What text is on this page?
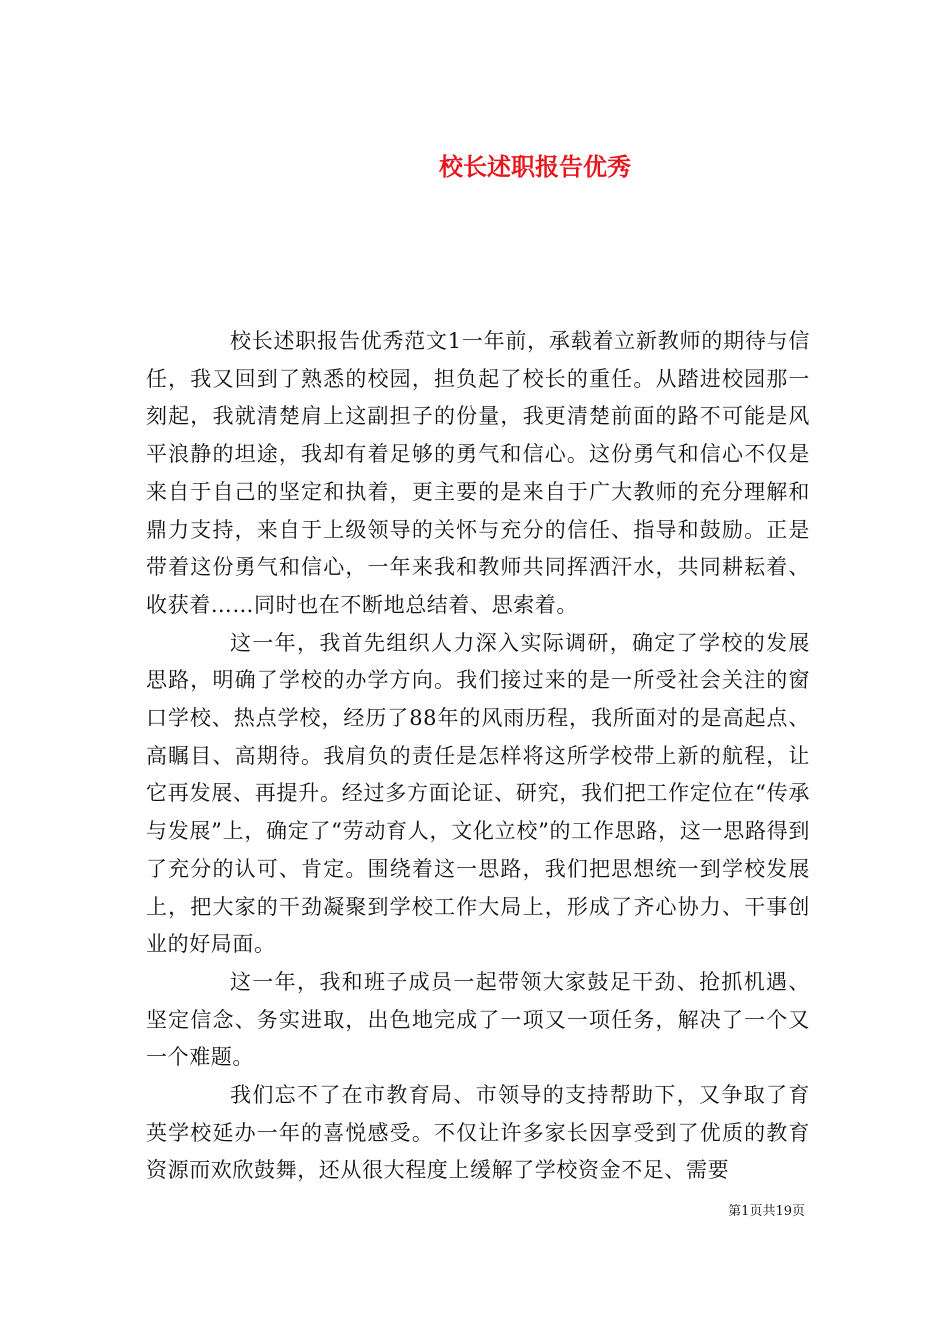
校长述职报告优秀

校长述职报告优秀范文1一年前，承载着立新教师的期待与信任，我又回到了熟悉的校园，担负起了校长的重任。从踏进校园那一刻起，我就清楚肩上这副担子的份量，我更清楚前面的路不可能是风平浪静的坦途，我却有着足够的勇气和信心。这份勇气和信心不仅是来自于自己的坚定和执着，更主要的是来自于广大教师的充分理解和鼎力支持，来自于上级领导的关怀与充分的信任、指导和鼓励。正是带着这份勇气和信心，一年来我和教师共同挥洒汗水，共同耕耘着、收获着……同时也在不断地总结着、思索着。

这一年，我首先组织人力深入实际调研，确定了学校的发展思路，明确了学校的办学方向。我们接过来的是一所受社会关注的窗口学校、热点学校，经历了88年的风雨历程，我所面对的是高起点、高瞩目、高期待。我肩负的责任是怎样将这所学校带上新的航程，让它再发展、再提升。经过多方面论证、研究，我们把工作定位在“传承与发展”上，确定了“劳动育人，文化立校”的工作思路，这一思路得到了充分的认可、肯定。围绕着这一思路，我们把思想统一到学校发展上，把大家的干劲凝聚到学校工作大局上，形成了齐心协力、干事创业的好局面。

这一年，我和班子成员一起带领大家鼓足干劲、抢抓机遇、坚定信念、务实进取，出色地完成了一项又一项任务，解决了一个又一个难题。

我们忘不了在市教育局、市领导的支持帮助下，又争取了育英学校延办一年的喜悦感受。不仅让许多家长因享受到了优质的教育资源而欢欣鼓舞，还从很大程度上缓解了学校资金不足、需要

第1页共19页
